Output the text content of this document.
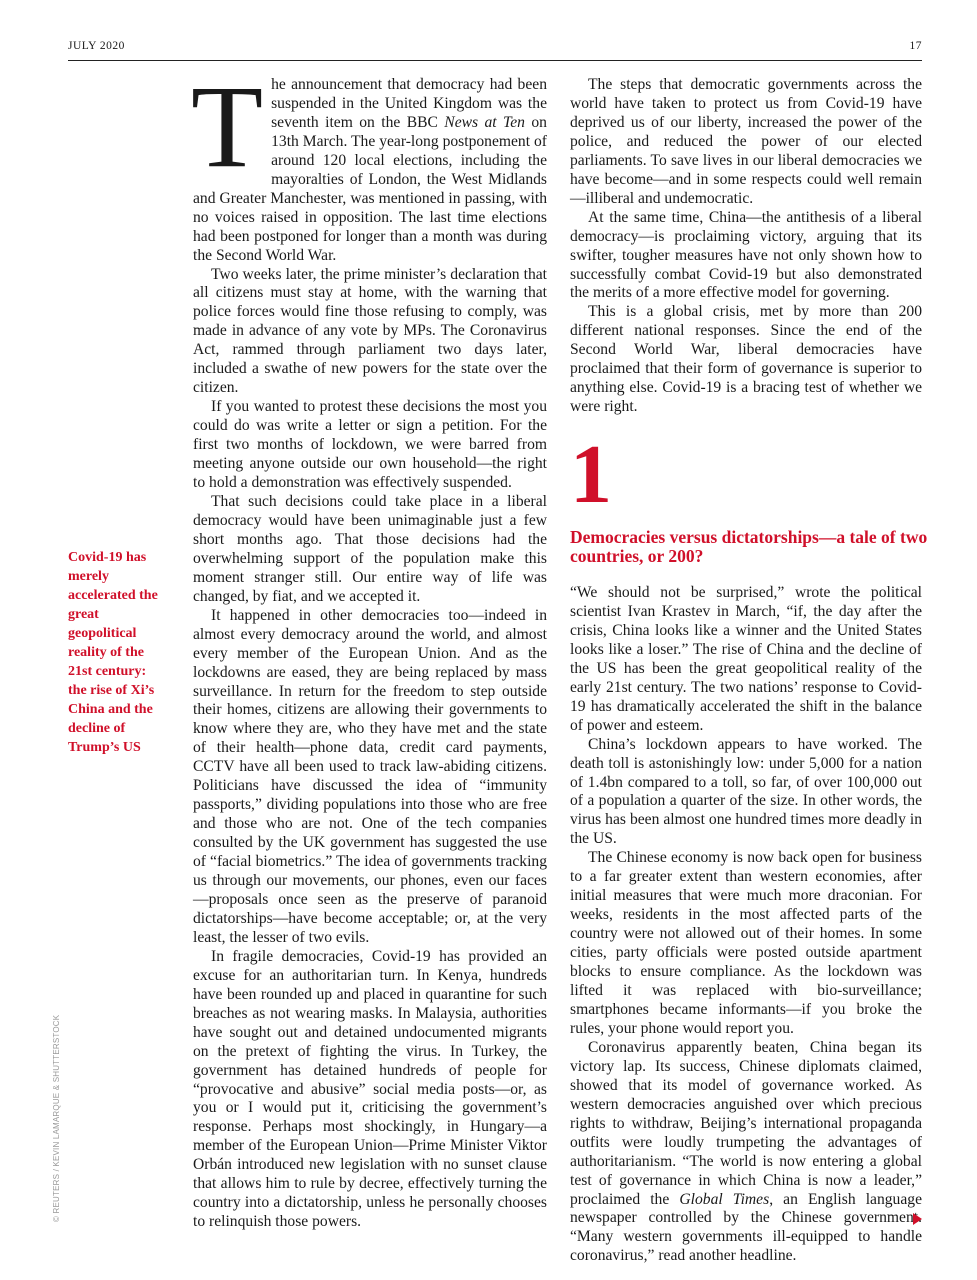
JULY 2020	17
© REUTERS / KEVIN LAMARQUE & SHUTTERSTOCK
Covid-19 has merely accelerated the great geopolitical reality of the 21st century: the rise of Xi’s China and the decline of Trump’s US

The announcement that democracy had been suspended in the United Kingdom was the seventh item on the BBC News at Ten on 13th March. The year-long postponement of around 120 local elections, including the mayoralties of London, the West Midlands and Greater Manchester, was mentioned in passing, with no voices raised in opposition. The last time elections had been postponed for longer than a month was during the Second World War.

Two weeks later, the prime minister’s declaration that all citizens must stay at home, with the warning that police forces would fine those refusing to comply, was made in advance of any vote by MPs. The Coronavirus Act, rammed through parliament two days later, included a swathe of new powers for the state over the citizen.

If you wanted to protest these decisions the most you could do was write a letter or sign a petition. For the first two months of lockdown, we were barred from meeting anyone outside our own household—the right to hold a demonstration was effectively suspended.

That such decisions could take place in a liberal democracy would have been unimaginable just a few short months ago. That those decisions had the overwhelming support of the population make this moment stranger still. Our entire way of life was changed, by fiat, and we accepted it.

It happened in other democracies too—indeed in almost every democracy around the world, and almost every member of the European Union. And as the lockdowns are eased, they are being replaced by mass surveillance. In return for the freedom to step outside their homes, citizens are allowing their governments to know where they are, who they have met and the state of their health—phone data, credit card payments, CCTV have all been used to track law-abiding citizens. Politicians have discussed the idea of “immunity passports,” dividing populations into those who are free and those who are not. One of the tech companies consulted by the UK government has suggested the use of “facial biometrics.” The idea of governments tracking us through our movements, our phones, even our faces—proposals once seen as the preserve of paranoid dictatorships—have become acceptable; or, at the very least, the lesser of two evils.

In fragile democracies, Covid-19 has provided an excuse for an authoritarian turn. In Kenya, hundreds have been rounded up and placed in quarantine for such breaches as not wearing masks. In Malaysia, authorities have sought out and detained undocumented migrants on the pretext of fighting the virus. In Turkey, the government has detained hundreds of people for “provocative and abusive” social media posts—or, as you or I would put it, criticising the government’s response. Perhaps most shockingly, in Hungary—a member of the European Union—Prime Minister Viktor Orbán introduced new legislation with no sunset clause that allows him to rule by decree, effectively turning the country into a dictatorship, unless he personally chooses to relinquish those powers.

The steps that democratic governments across the world have taken to protect us from Covid-19 have deprived us of our liberty, increased the power of the police, and reduced the power of our elected parliaments. To save lives in our liberal democracies we have become—and in some respects could well remain—illiberal and undemocratic.

At the same time, China—the antithesis of a liberal democracy—is proclaiming victory, arguing that its swifter, tougher measures have not only shown how to successfully combat Covid-19 but also demonstrated the merits of a more effective model for governing.

This is a global crisis, met by more than 200 different national responses. Since the end of the Second World War, liberal democracies have proclaimed that their form of governance is superior to anything else. Covid-19 is a bracing test of whether we were right.

1
Democracies versus dictatorships—a tale of two countries, or 200?

“We should not be surprised,” wrote the political scientist Ivan Krastev in March, “if, the day after the crisis, China looks like a winner and the United States looks like a loser.” The rise of China and the decline of the US has been the great geopolitical reality of the early 21st century. The two nations’ response to Covid-19 has dramatically accelerated the shift in the balance of power and esteem.

China’s lockdown appears to have worked. The death toll is astonishingly low: under 5,000 for a nation of 1.4bn compared to a toll, so far, of over 100,000 out of a population a quarter of the size. In other words, the virus has been almost one hundred times more deadly in the US.

The Chinese economy is now back open for business to a far greater extent than western economies, after initial measures that were much more draconian. For weeks, residents in the most affected parts of the country were not allowed out of their homes. In some cities, party officials were posted outside apartment blocks to ensure compliance. As the lockdown was lifted it was replaced with bio-surveillance; smartphones became informants—if you broke the rules, your phone would report you.

Coronavirus apparently beaten, China began its victory lap. Its success, Chinese diplomats claimed, showed that its model of governance worked. As western democracies anguished over which precious rights to withdraw, Beijing’s international propaganda outfits were loudly trumpeting the advantages of authoritarianism. “The world is now entering a global test of governance in which China is now a leader,” proclaimed the Global Times, an English language newspaper controlled by the Chinese government. “Many western governments ill-equipped to handle coronavirus,” read another headline.
